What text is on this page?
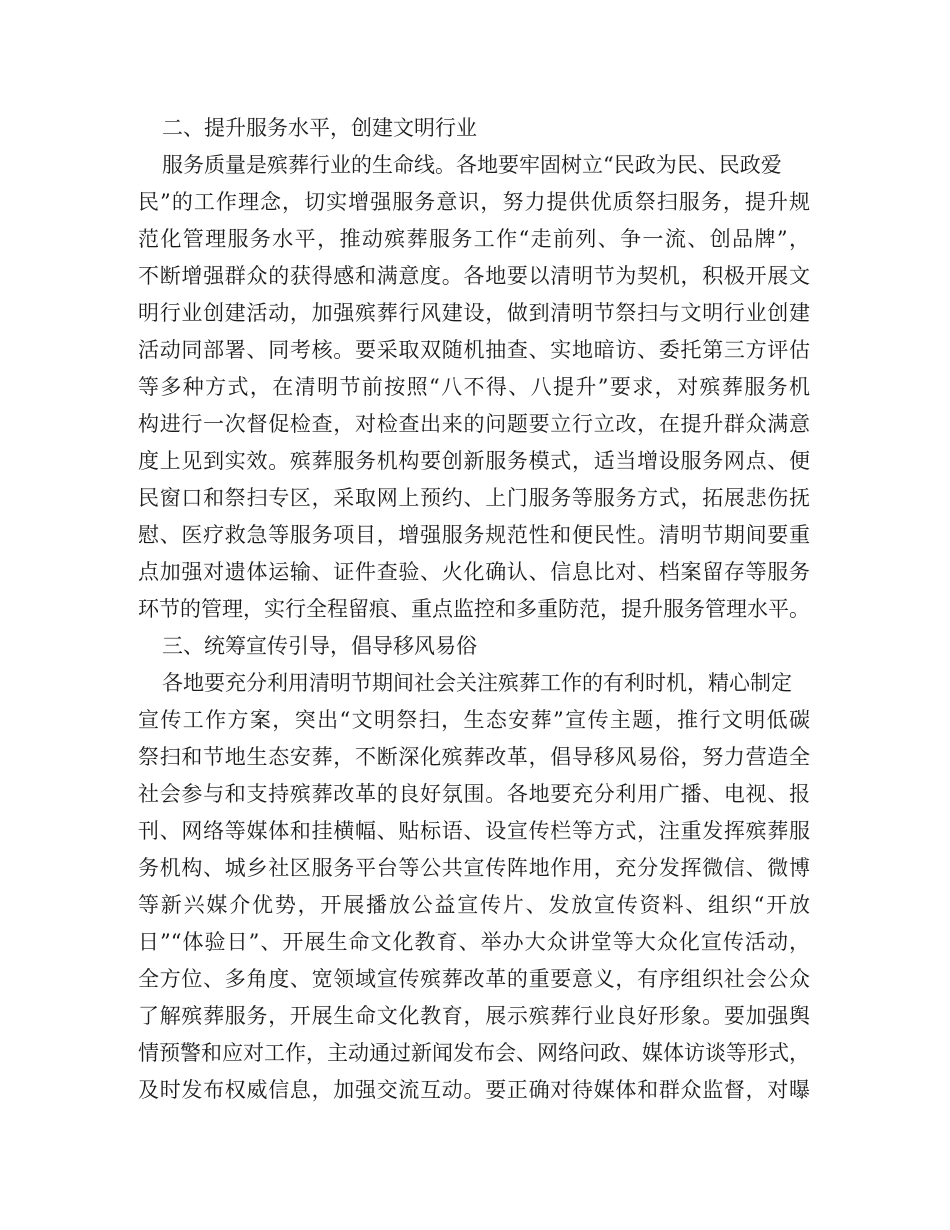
二、提升服务水平，创建文明行业
服务质量是殡葬行业的生命线。各地要牢固树立“民政为民、民政爱
民”的工作理念，切实增强服务意识，努力提供优质祭扫服务，提升规
范化管理服务水平，推动殡葬服务工作“走前列、争一流、创品牌”，
不断增强群众的获得感和满意度。各地要以清明节为契机，积极开展文
明行业创建活动，加强殡葬行风建设，做到清明节祭扫与文明行业创建
活动同部署、同考核。要采取双随机抽查、实地暗访、委托第三方评估
等多种方式，在清明节前按照“八不得、八提升”要求，对殡葬服务机
构进行一次督促检查，对检查出来的问题要立行立改，在提升群众满意
度上见到实效。殡葬服务机构要创新服务模式，适当增设服务网点、便
民窗口和祭扫专区，采取网上预约、上门服务等服务方式，拓展悲伤抚
慰、医疗救急等服务项目，增强服务规范性和便民性。清明节期间要重
点加强对遗体运输、证件查验、火化确认、信息比对、档案留存等服务
环节的管理，实行全程留痕、重点监控和多重防范，提升服务管理水平。
三、统筹宣传引导，倡导移风易俗
各地要充分利用清明节期间社会关注殡葬工作的有利时机，精心制定
宣传工作方案，突出“文明祭扫，生态安葬”宣传主题，推行文明低碳
祭扫和节地生态安葬，不断深化殡葬改革，倡导移风易俗，努力营造全
社会参与和支持殡葬改革的良好氛围。各地要充分利用广播、电视、报
刊、网络等媒体和挂横幅、贴标语、设宣传栏等方式，注重发挥殡葬服
务机构、城乡社区服务平台等公共宣传阵地作用，充分发挥微信、微博
等新兴媒介优势，开展播放公益宣传片、发放宣传资料、组织“开放
日”“体验日”、开展生命文化教育、举办大众讲堂等大众化宣传活动，
全方位、多角度、宽领域宣传殡葬改革的重要意义，有序组织社会公众
了解殡葬服务，开展生命文化教育，展示殡葬行业良好形象。要加强舆
情预警和应对工作，主动通过新闻发布会、网络问政、媒体访谈等形式，
及时发布权威信息，加强交流互动。要正确对待媒体和群众监督，对曝
